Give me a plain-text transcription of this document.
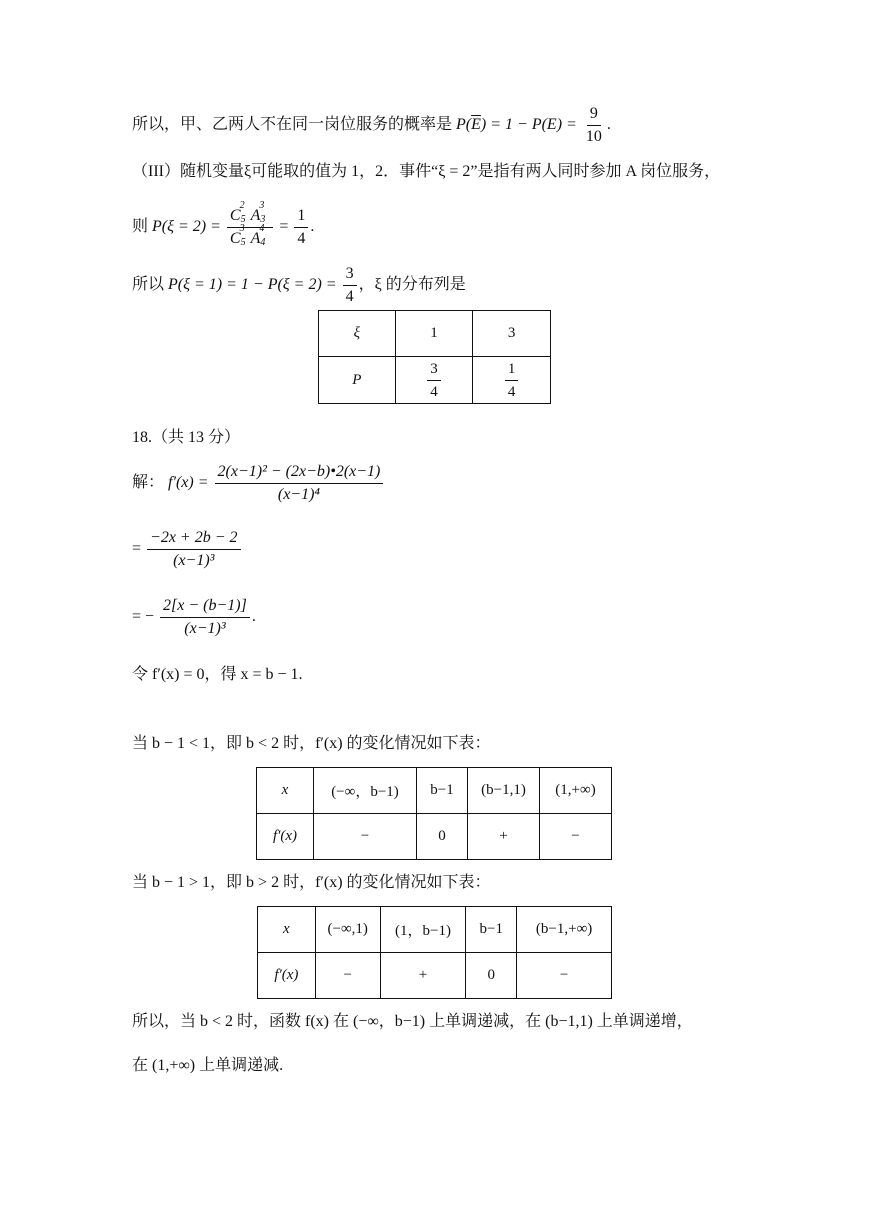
所以，甲、乙两人不在同一岗位服务的概率是 $P(\overline{E}) = 1 - P(E) = \frac{9}{10}$ .
（III）随机变量ξ可能取的值为 1，2．事件“ξ = 2”是指有两人同时参加 A 岗位服务，
则 $P(\xi = 2) = \frac{C_5^2A_3^3}{C_5^3A_4^4} = \frac{1}{4}$ .
所以 $P(\xi = 1) = 1 - P(\xi = 2) = \frac{3}{4}$ ，ξ 的分布列是
ξ	1	3
P	$\frac{3}{4}$	$\frac{1}{4}$
18.（共 13 分）
解： $f'(x) = \frac{\text{2(x−1)² − (2x−b)•2(x−1)}}{\text{(x−1)⁴}}$
= $\frac{-2x + 2b - 2}{\text{(x−1)³}}$
= − $\frac{2[x - (b-1)]}{\text{(x−1)³}}$ .
令 f′(x) = 0，得 x = b − 1.
当 b − 1 < 1，即 b < 2 时，f′(x) 的变化情况如下表：
x	(−∞，b−1)	b−1	(b−1,1)	(1,+∞)
f′(x)	−	0	+	−
当 b − 1 > 1，即 b > 2 时，f′(x) 的变化情况如下表：
x	(−∞,1)	(1，b−1)	b−1	(b−1,+∞)
f′(x)	−	+	0	−
所以，当 b < 2 时，函数 f(x) 在 (−∞，b−1) 上单调递减，在 (b−1,1) 上单调递增，
在 (1,+∞) 上单调递减.
